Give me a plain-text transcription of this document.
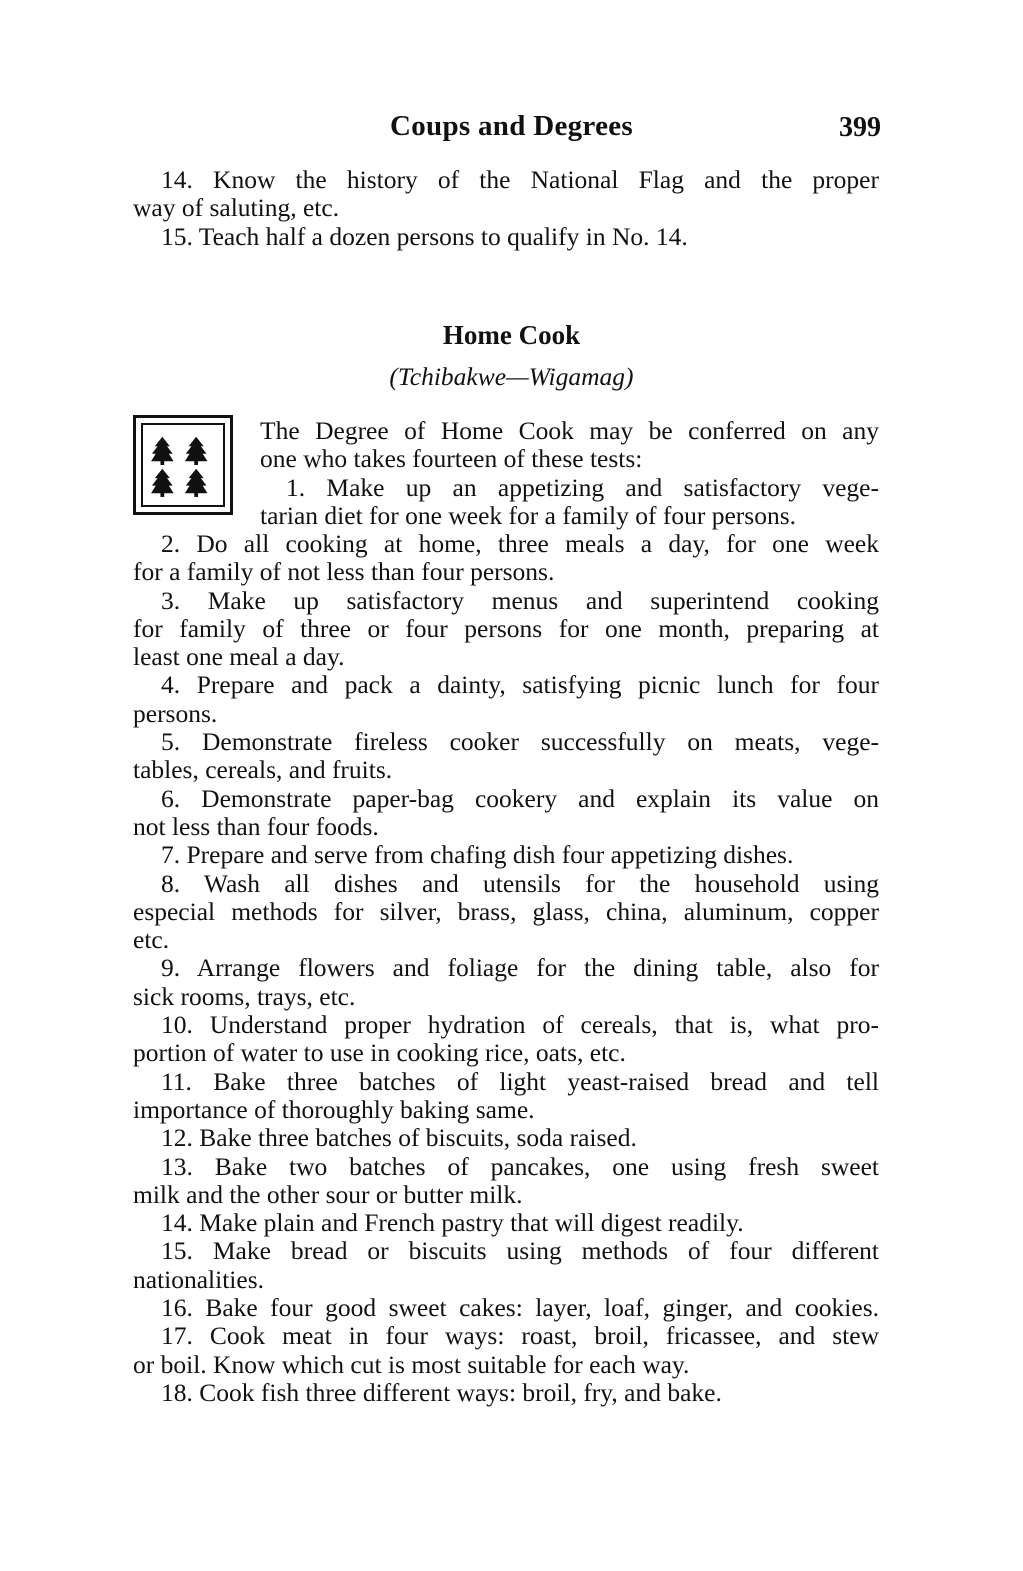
Coups and Degrees	399
14. Know the history of the National Flag and the proper
way of saluting, etc.
15. Teach half a dozen persons to qualify in No. 14.
Home Cook
(Tchibakwe—Wigamag)
The Degree of Home Cook may be conferred on any
one who takes fourteen of these tests:
1. Make up an appetizing and satisfactory vege-
tarian diet for one week for a family of four persons.
2. Do all cooking at home, three meals a day, for one week
for a family of not less than four persons.
3. Make up satisfactory menus and superintend cooking
for family of three or four persons for one month, preparing at
least one meal a day.
4. Prepare and pack a dainty, satisfying picnic lunch for four
persons.
5. Demonstrate fireless cooker successfully on meats, vege-
tables, cereals, and fruits.
6. Demonstrate paper-bag cookery and explain its value on
not less than four foods.
7. Prepare and serve from chafing dish four appetizing dishes.
8. Wash all dishes and utensils for the household using
especial methods for silver, brass, glass, china, aluminum, copper
etc.
9. Arrange flowers and foliage for the dining table, also for
sick rooms, trays, etc.
10. Understand proper hydration of cereals, that is, what pro-
portion of water to use in cooking rice, oats, etc.
11. Bake three batches of light yeast-raised bread and tell
importance of thoroughly baking same.
12. Bake three batches of biscuits, soda raised.
13. Bake two batches of pancakes, one using fresh sweet
milk and the other sour or butter milk.
14. Make plain and French pastry that will digest readily.
15. Make bread or biscuits using methods of four different
nationalities.
16. Bake four good sweet cakes: layer, loaf, ginger, and cookies.
17. Cook meat in four ways: roast, broil, fricassee, and stew
or boil. Know which cut is most suitable for each way.
18. Cook fish three different ways: broil, fry, and bake.
